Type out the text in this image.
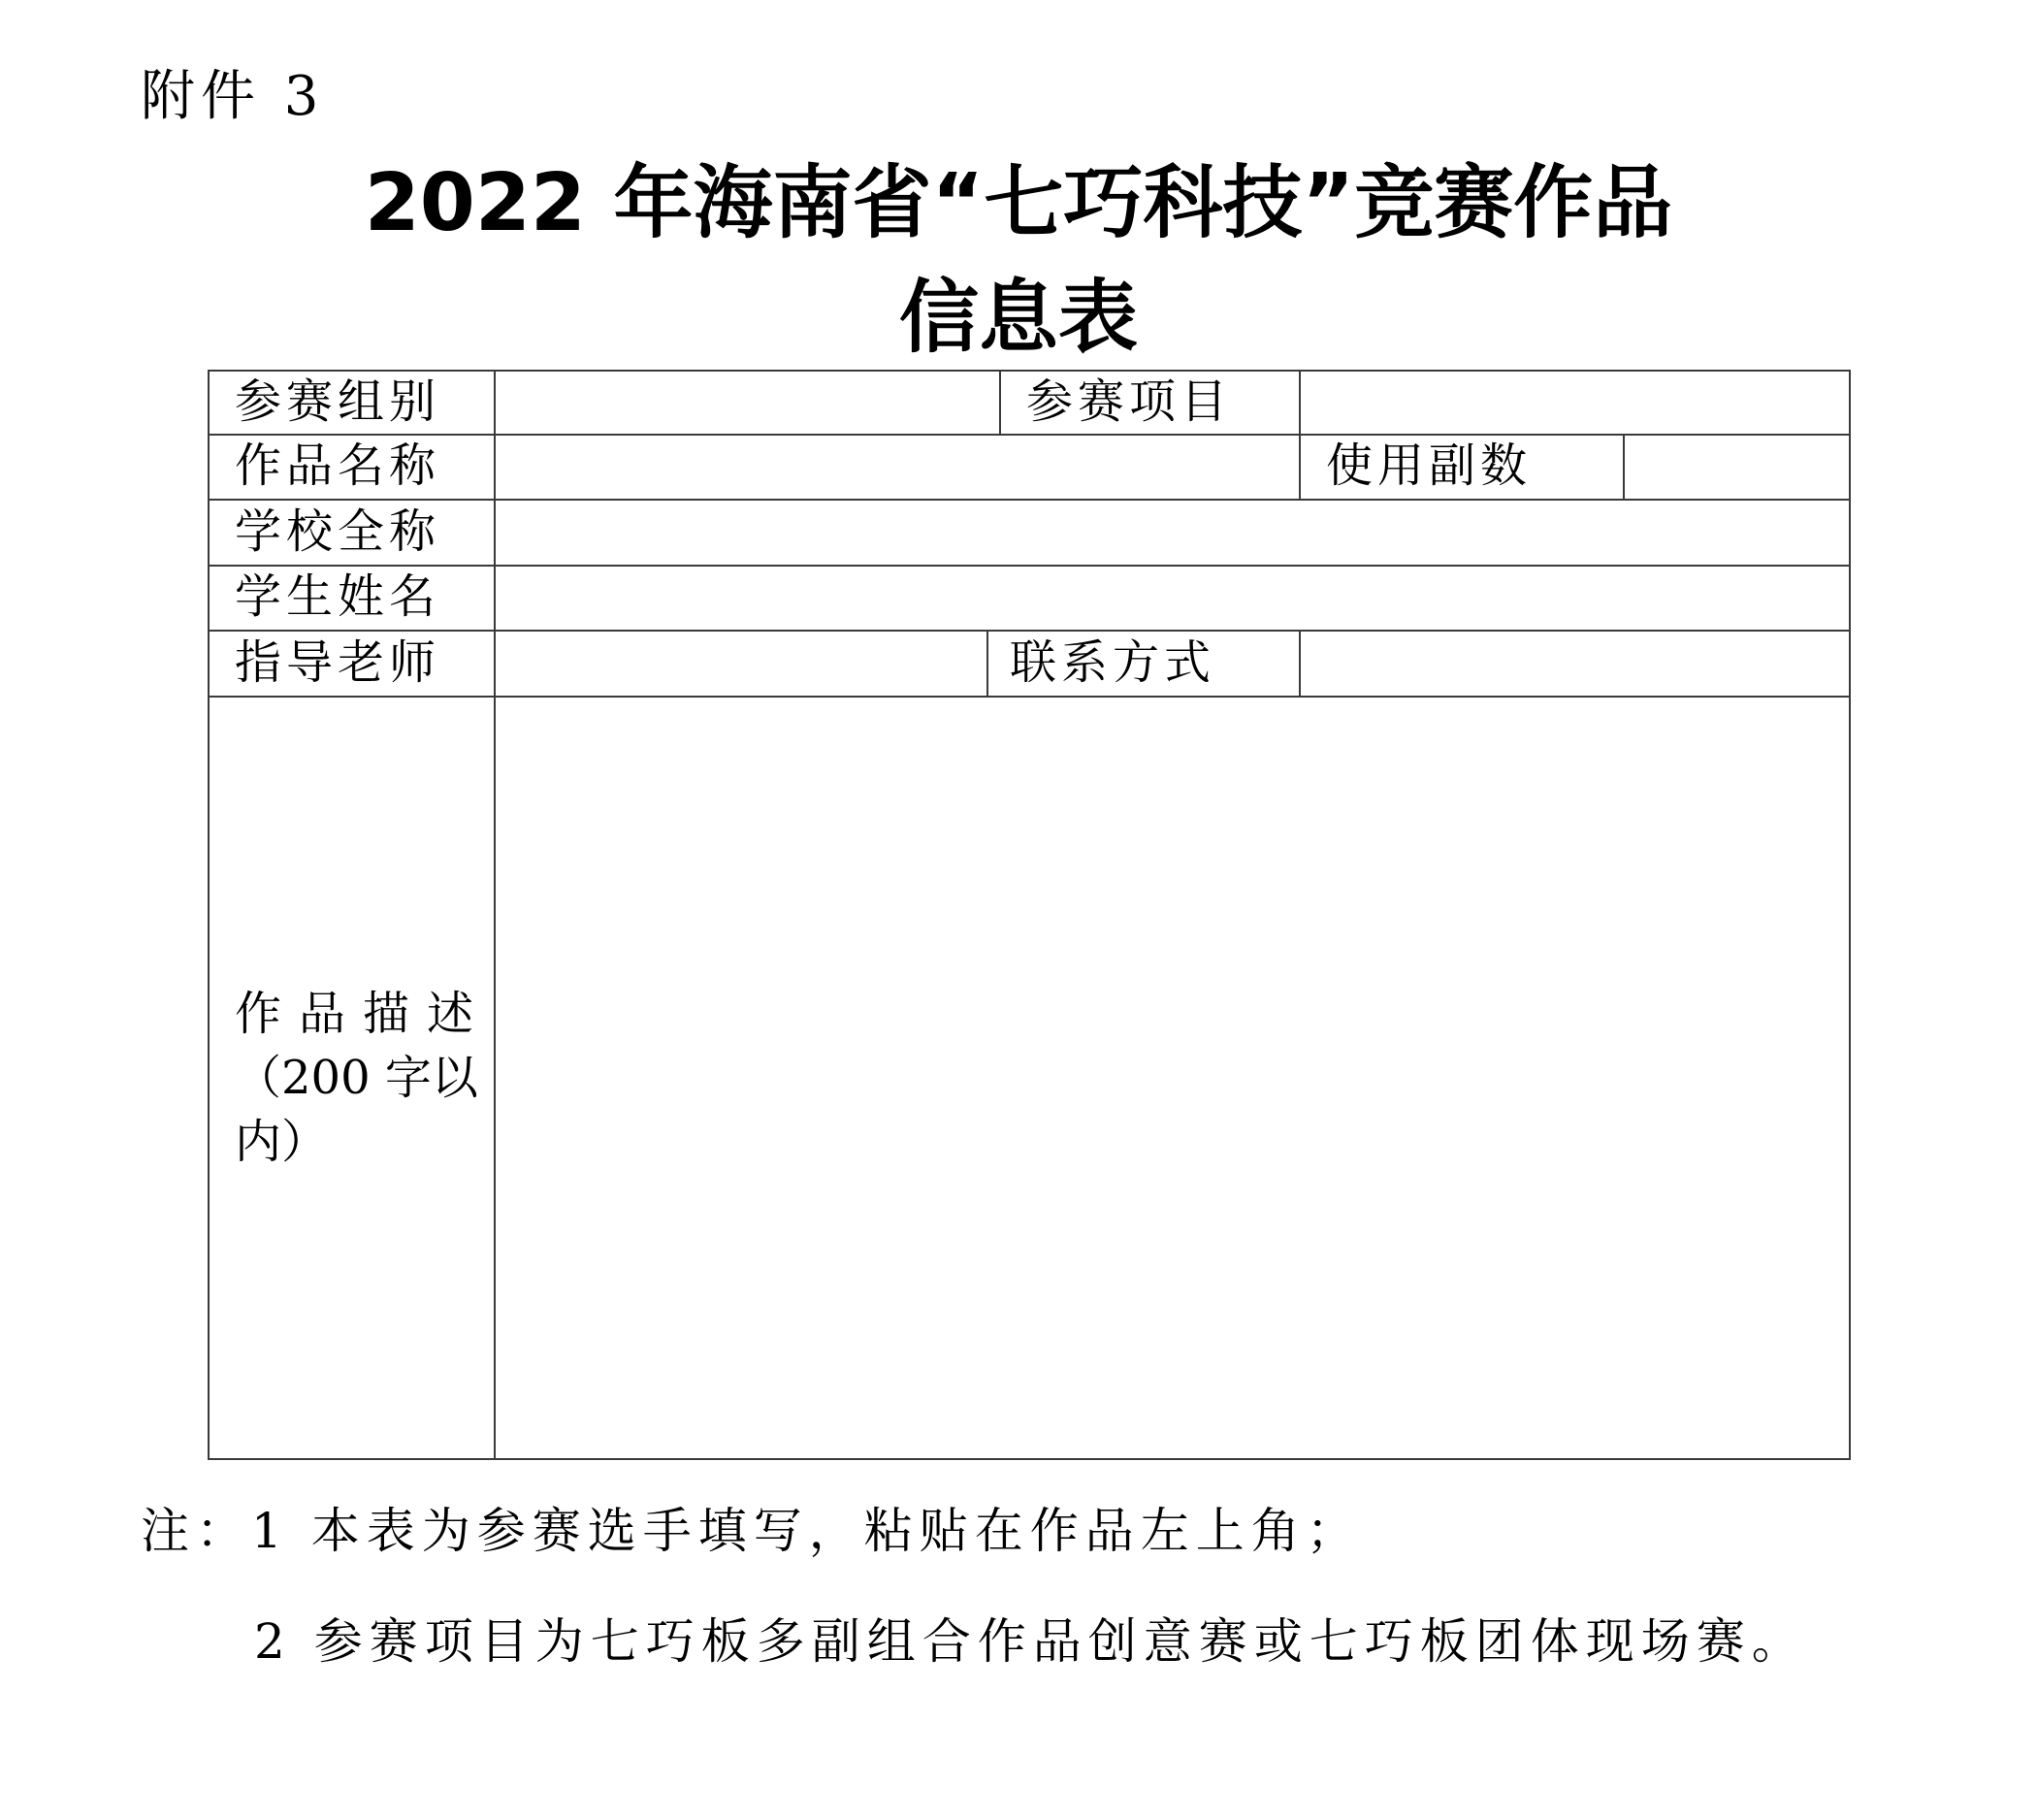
附件 3
2022 年海南省“七巧科技”竞赛作品
信息表
参赛组别	参赛项目
作品名称	使用副数
学校全称
学生姓名
指导老师	联系方式
作 品 描 述
（200 字以
内）
注：1 本表为参赛选手填写，粘贴在作品左上角；
2 参赛项目为七巧板多副组合作品创意赛或七巧板团体现场赛。
